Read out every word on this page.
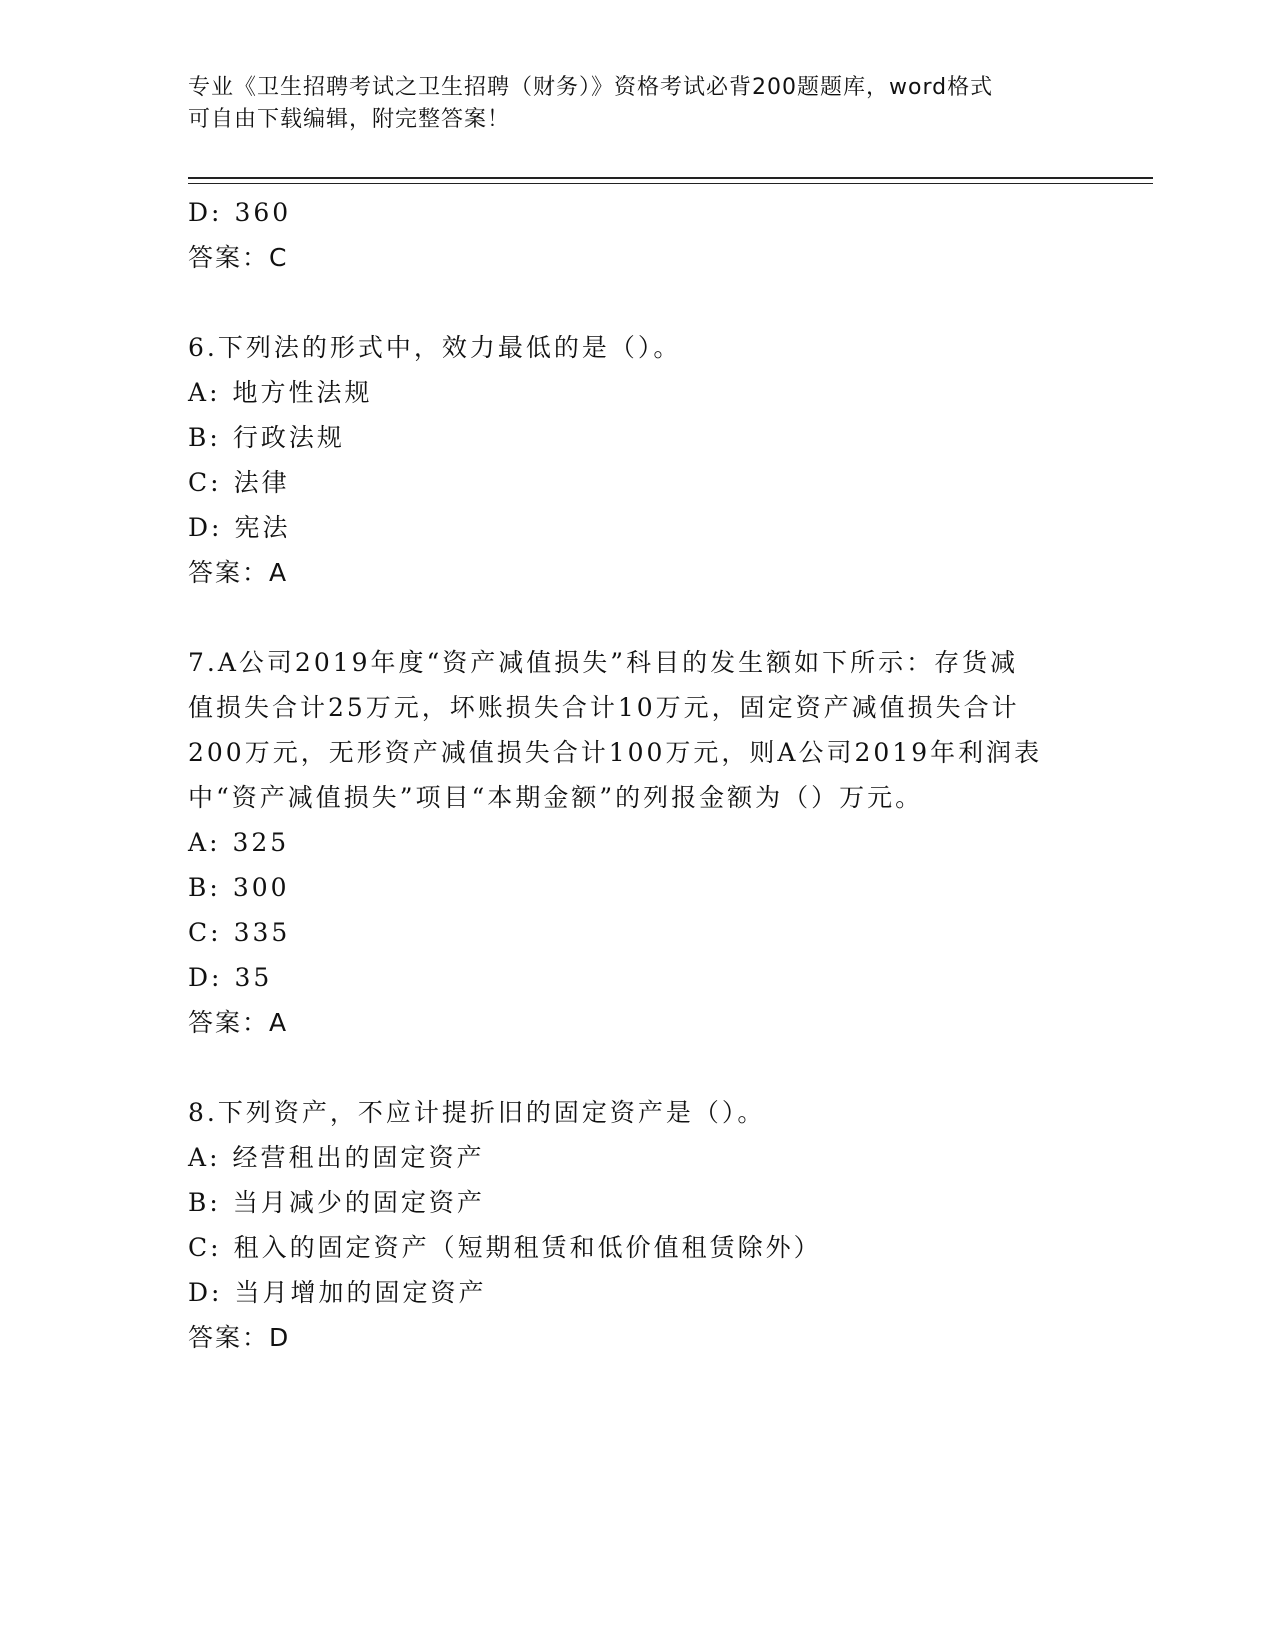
专业《卫生招聘考试之卫生招聘（财务）》资格考试必背200题题库，word格式
可自由下载编辑，附完整答案！
D: 360
答案：C
6.下列法的形式中，效力最低的是（）。
A: 地方性法规
B: 行政法规
C: 法律
D: 宪法
答案：A
7.A公司2019年度“资产减值损失”科目的发生额如下所示：存货减
值损失合计25万元，坏账损失合计10万元，固定资产减值损失合计
200万元，无形资产减值损失合计100万元，则A公司2019年利润表
中“资产减值损失”项目“本期金额”的列报金额为（）万元。
A: 325
B: 300
C: 335
D: 35
答案：A
8.下列资产，不应计提折旧的固定资产是（）。
A: 经营租出的固定资产
B: 当月减少的固定资产
C: 租入的固定资产（短期租赁和低价值租赁除外）
D: 当月增加的固定资产
答案：D
